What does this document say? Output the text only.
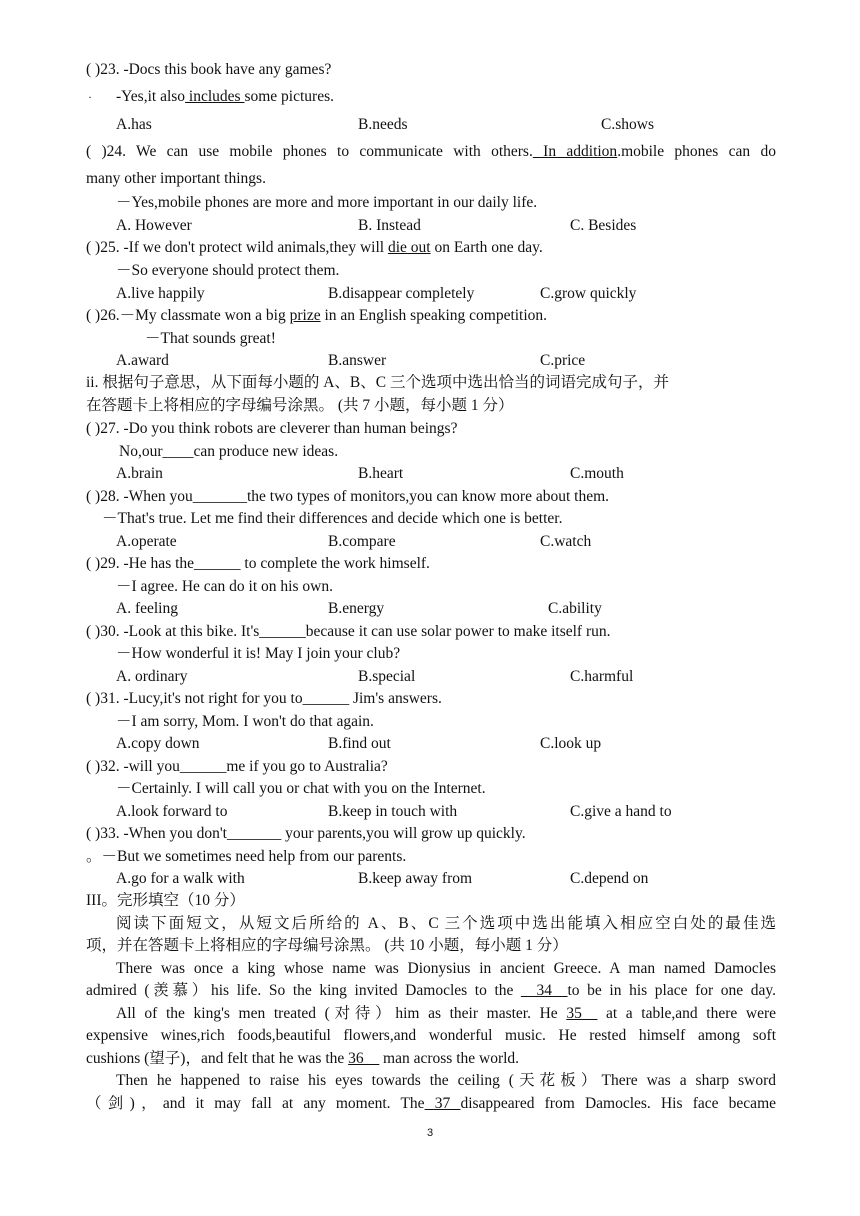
( )23. -Docs this book have any games?
· -Yes,it also includes some pictures.
A.has	B.needs	C.shows
( )24. We can use mobile phones to communicate with others. In addition.mobile phones can do
many other important things.
－Yes,mobile phones are more and more important in our daily life.
A. However	B. Instead	C. Besides
( )25. -If we don't protect wild animals,they will die out on Earth one day.
－So everyone should protect them.
A.live happily	B.disappear completely	C.grow quickly
( )26.－My classmate won a big prize in an English speaking competition.
－That sounds great!
A.award	B.answer	C.price
ii. 根据句子意思，从下面每小题的 A、B、C 三个选项中选出恰当的词语完成句子，并
在答题卡上将相应的字母编号涂黑。 (共 7 小题，每小题 1 分）
( )27. -Do you think robots are cleverer than human beings?
No,our____can produce new ideas.
A.brain	B.heart	C.mouth
( )28. -When you_______the two types of monitors,you can know more about them.
－That's true. Let me find their differences and decide which one is better.
A.operate	B.compare	C.watch
( )29. -He has the______ to complete the work himself.
－I agree. He can do it on his own.
A. feeling	B.energy	C.ability
( )30. -Look at this bike. It's______because it can use solar power to make itself run.
－How wonderful it is! May I join your club?
A. ordinary	B.special	C.harmful
( )31. -Lucy,it's not right for you to______ Jim's answers.
－I am sorry, Mom. I won't do that again.
A.copy down	B.find out	C.look up
( )32. -will you______me if you go to Australia?
－Certainly. I will call you or chat with you on the Internet.
A.look forward to	B.keep in touch with	C.give a hand to
( )33. -When you don't_______ your parents,you will grow up quickly.
。－But we sometimes need help from our parents.
A.go for a walk with	B.keep away from	C.depend on
III。完形填空（10 分）
阅读下面短文，从短文后所给的 A、B、C 三个选项中选出能填入相应空白处的最佳选
项，并在答题卡上将相应的字母编号涂黑。 (共 10 小题，每小题 1 分）
There was once a king whose name was Dionysius in ancient Greece. A man named Damocles
admired (羡慕）his life. So the king invited Damocles to the __34__to be in his place for one day.
All of the king's men treated (对待）him as their master. He 35__ at a table,and there were
expensive wines,rich foods,beautiful flowers,and wonderful music. He rested himself among soft
cushions (望子)，and felt that he was the 36__ man across the world.
Then he happened to raise his eyes towards the ceiling (天花板）There was a sharp sword
（剑)，and it may fall at any moment. The 37 disappeared from Damocles. His face became
3
